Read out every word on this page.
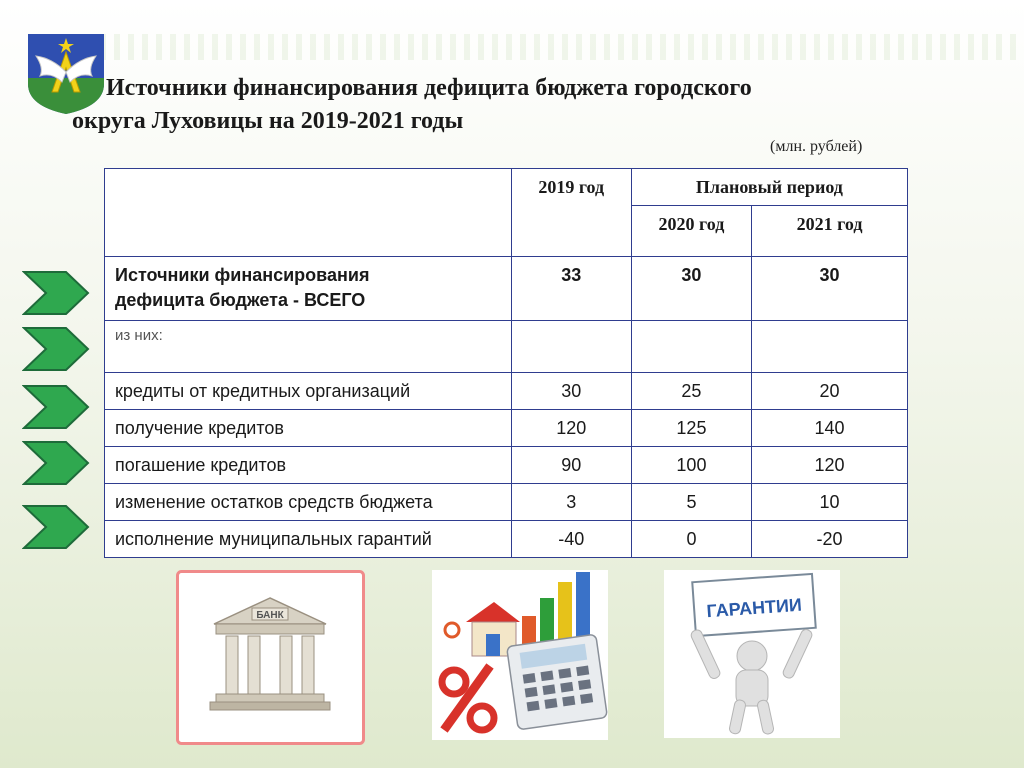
Источники финансирования дефицита бюджета городского
округа Луховицы на 2019-2021 годы
(млн. рублей)
	2019 год	Плановый период	
		2020 год	2021 год

Источники финансирования
дефицита бюджета - ВСЕГО	33	30	30
из них:			
кредиты от кредитных организаций	30	25	20
получение кредитов	120	125	140
погашение кредитов	90	100	120
изменение остатков средств бюджета	3	5	10
исполнение муниципальных гарантий	-40	0	-20
БАНК	ГАРАНТИИ
